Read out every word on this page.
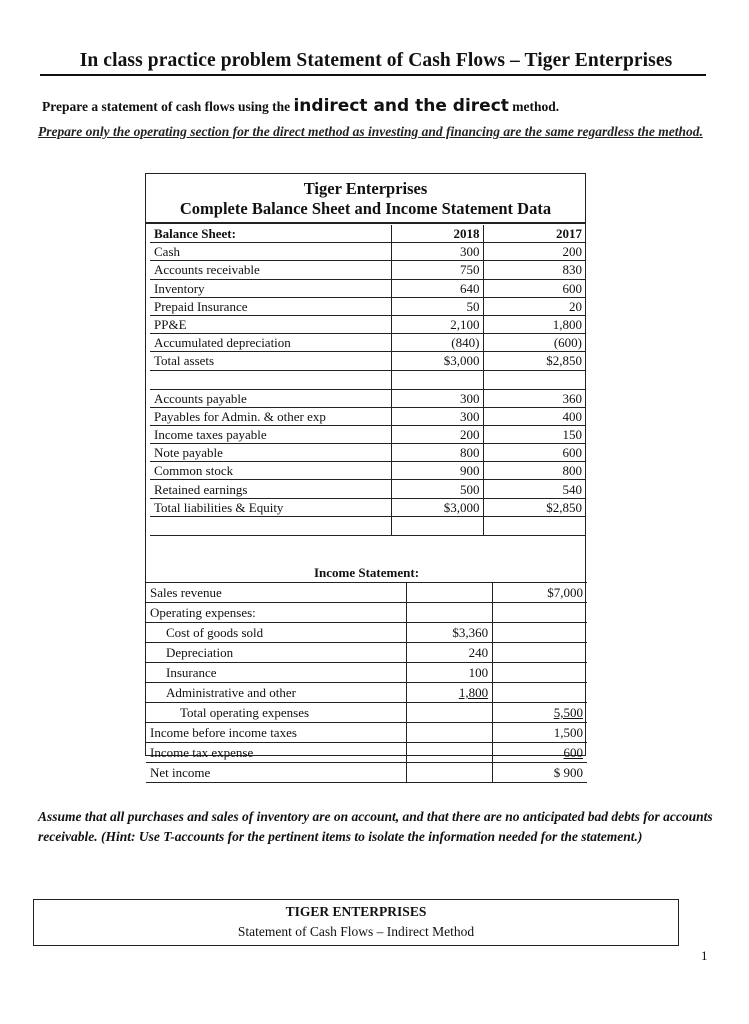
In class practice problem Statement of Cash Flows – Tiger Enterprises
Prepare a statement of cash flows using the indirect and the direct method.
Prepare only the operating section for the direct method as investing and financing are the same regardless the method.
Tiger Enterprises
Complete Balance Sheet and Income Statement Data
Balance Sheet:	2018	2017
Cash	300	200
Accounts receivable	750	830
Inventory	640	600
Prepaid Insurance	50	20
PP&E	2,100	1,800
Accumulated depreciation	(840)	(600)
Total assets	$3,000	$2,850

Accounts payable	300	360
Payables for Admin. & other exp	300	400
Income taxes payable	200	150
Note payable	800	600
Common stock	900	800
Retained earnings	500	540
Total liabilities & Equity	$3,000	$2,850

Income Statement:		
Sales revenue		$7,000
Operating expenses:		
Cost of goods sold	$3,360	
Depreciation	240	
Insurance	100	
Administrative and other	1,800	
Total operating expenses		5,500
Income before income taxes		1,500
Income tax expense		600
Net income		$ 900
Assume that all purchases and sales of inventory are on account, and that there are no anticipated bad debts for accounts receivable. (Hint: Use T-accounts for the pertinent items to isolate the information needed for the statement.)
TIGER ENTERPRISES
Statement of Cash Flows – Indirect Method
1
